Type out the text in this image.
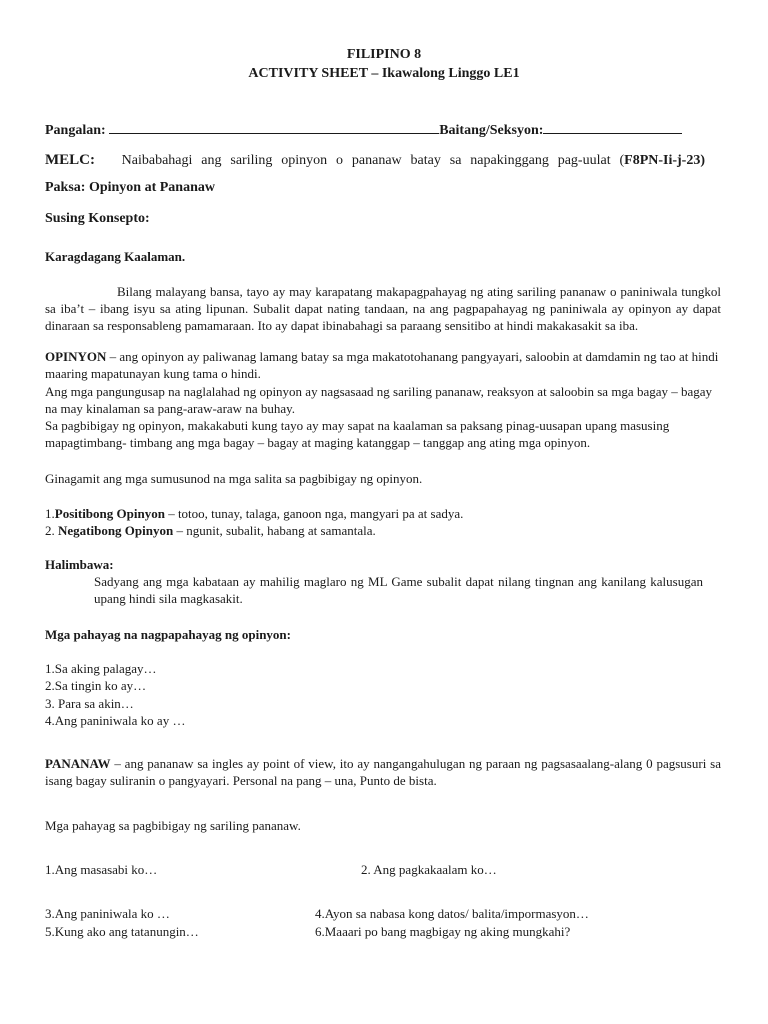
FILIPINO 8
ACTIVITY SHEET – Ikawalong Linggo LE1
Pangalan:	Baitang/Seksyon:
MELC: Naibabahagi ang sariling opinyon o pananaw batay sa napakinggang pag-uulat (F8PN-Ii-j-23)
Paksa: Opinyon at Pananaw
Susing Konsepto:
Karagdagang Kaalaman.
Bilang malayang bansa, tayo ay may karapatang makapagpahayag ng ating sariling pananaw o paniniwala tungkol sa iba’t – ibang isyu sa ating lipunan. Subalit dapat nating tandaan, na ang pagpapahayag ng paniniwala ay opinyon ay dapat dinaraan sa responsableng pamamaraan. Ito ay dapat ibinabahagi sa paraang sensitibo at hindi makakasakit sa iba.
OPINYON – ang opinyon ay paliwanag lamang batay sa mga makatotohanang pangyayari, saloobin at damdamin ng tao at hindi maaring mapatunayan kung tama o hindi.
Ang mga pangungusap na naglalahad ng opinyon ay nagsasaad ng sariling pananaw, reaksyon at saloobin sa mga bagay – bagay na may kinalaman sa pang-araw-araw na buhay.
Sa pagbibigay ng opinyon, makakabuti kung tayo ay may sapat na kaalaman sa paksang pinag-uusapan upang masusing mapagtimbang- timbang ang mga bagay – bagay at maging katanggap – tanggap ang ating mga opinyon.
Ginagamit ang mga sumusunod na mga salita sa pagbibigay ng opinyon.
1.Positibong Opinyon – totoo, tunay, talaga, ganoon nga, mangyari pa at sadya.
2. Negatibong Opinyon – ngunit, subalit, habang at samantala.
Halimbawa:
Sadyang ang mga kabataan ay mahilig maglaro ng ML Game subalit dapat nilang tingnan ang kanilang kalusugan upang hindi sila magkasakit.
Mga pahayag na nagpapahayag ng opinyon:
1.Sa aking palagay…
2.Sa tingin ko ay…
3. Para sa akin…
4.Ang paniniwala ko ay …
PANANAW – ang pananaw sa ingles ay point of view, ito ay nangangahulugan ng paraan ng pagsasaalang-alang 0 pagsusuri sa isang bagay suliranin o pangyayari. Personal na pang – una, Punto de bista.
Mga pahayag sa pagbibigay ng sariling pananaw.
1.Ang masasabi ko…	2. Ang pagkakaalam ko…
3.Ang paniniwala ko …	4.Ayon sa nabasa kong datos/ balita/impormasyon…
5.Kung ako ang tatanungin…	6.Maaari po bang magbigay ng aking mungkahi?
